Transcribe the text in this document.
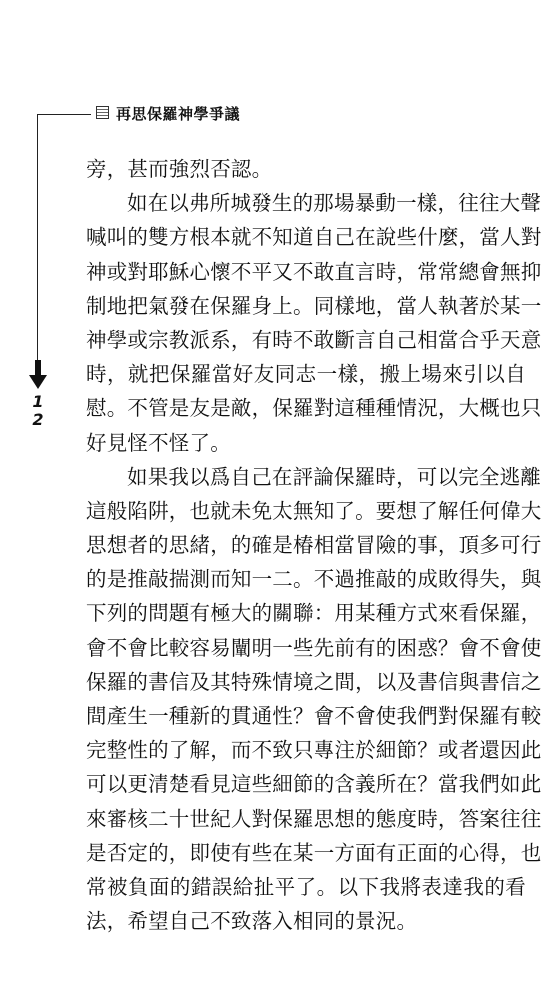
再思保羅神學爭議
1
2
旁，甚而強烈否認。
如在以弗所城發生的那場暴動一樣，往往大聲
喊叫的雙方根本就不知道自己在說些什麼，當人對
神或對耶穌心懷不平又不敢直言時，常常總會無抑
制地把氣發在保羅身上。同樣地，當人執著於某一
神學或宗教派系，有時不敢斷言自己相當合乎天意
時，就把保羅當好友同志一樣，搬上場來引以自
慰。不管是友是敵，保羅對這種種情況，大概也只
好見怪不怪了。
如果我以爲自己在評論保羅時，可以完全逃離
這般陷阱，也就未免太無知了。要想了解任何偉大
思想者的思緒，的確是椿相當冒險的事，頂多可行
的是推敲揣測而知一二。不過推敲的成敗得失，與
下列的問題有極大的關聯：用某種方式來看保羅，
會不會比較容易闡明一些先前有的困惑？會不會使
保羅的書信及其特殊情境之間，以及書信與書信之
間產生一種新的貫通性？會不會使我們對保羅有較
完整性的了解，而不致只專注於細節？或者還因此
可以更清楚看見這些細節的含義所在？當我們如此
來審核二十世紀人對保羅思想的態度時，答案往往
是否定的，即使有些在某一方面有正面的心得，也
常被負面的錯誤給扯平了。以下我將表達我的看
法，希望自己不致落入相同的景況。
